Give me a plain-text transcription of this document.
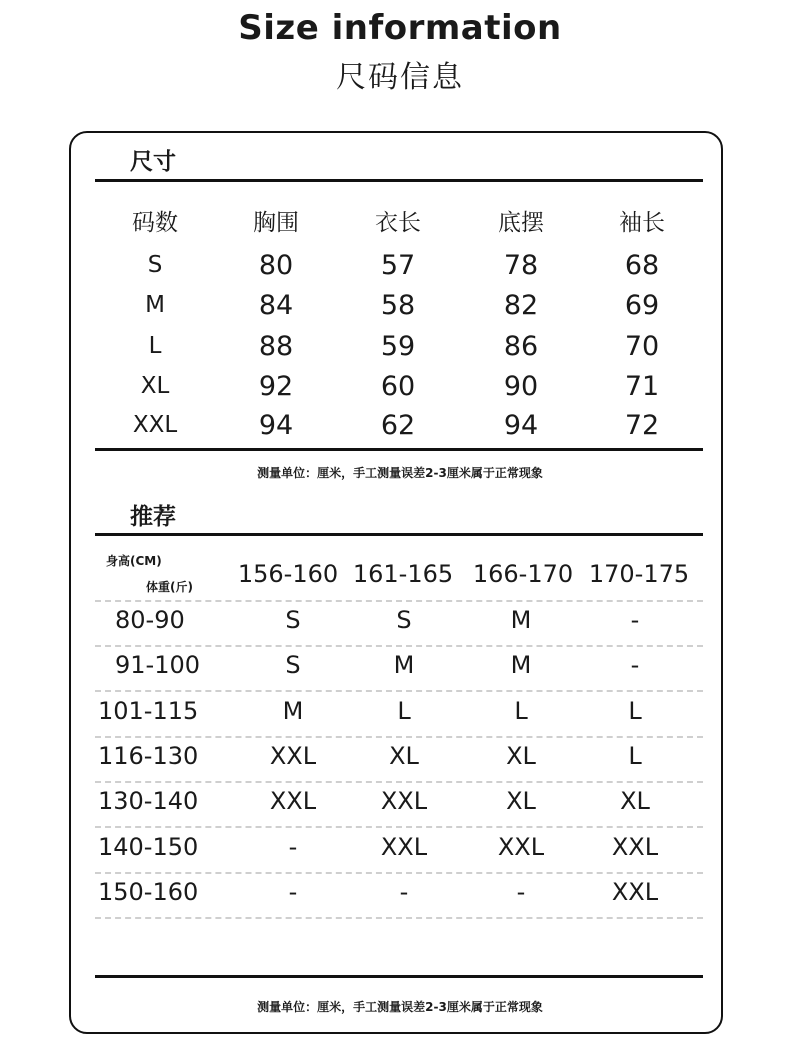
Size information
尺码信息
尺寸
码数	胸围	衣长	底摆	袖长
S	80	57	78	68
M	84	58	82	69
L	88	59	86	70
XL	92	60	90	71
XXL	94	62	94	72
测量单位：厘米，手工测量误差2-3厘米属于正常现象
推荐
身高(CM)
体重(斤)	156-160 161-165 166-170 170-175
80-90	S	S	M	-
91-100	S	M	M	-
101-115	M	L	L	L
116-130	XXL	XL	XL	L
130-140	XXL	XXL	XL	XL
140-150	-	XXL	XXL	XXL
150-160	-	-	-	XXL
测量单位：厘米，手工测量误差2-3厘米属于正常现象
